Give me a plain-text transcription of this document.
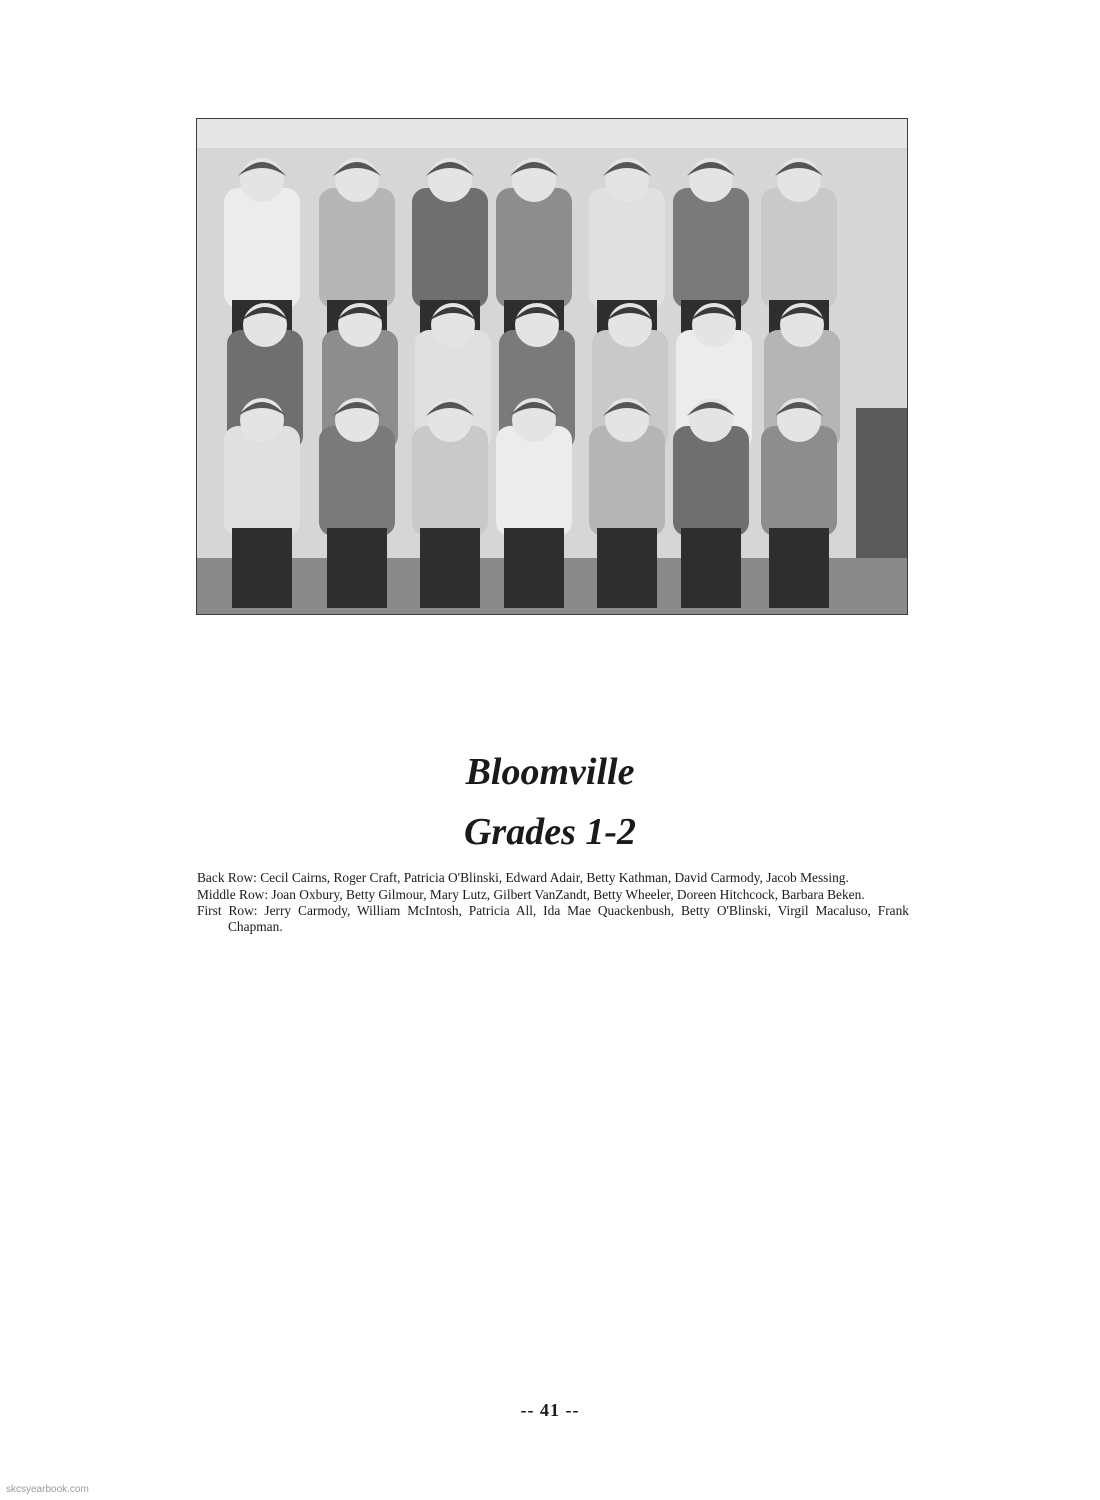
Bloomville
Grades 1-2

Back Row: Cecil Cairns, Roger Craft, Patricia O'Blinski, Edward Adair, Betty Kathman, David Carmody, Jacob Messing.

Middle Row: Joan Oxbury, Betty Gilmour, Mary Lutz, Gilbert VanZandt, Betty Wheeler, Doreen Hitchcock, Barbara Beken.

First Row: Jerry Carmody, William McIntosh, Patricia All, Ida Mae Quackenbush, Betty O'Blinski, Virgil Macaluso, Frank Chapman.

-- 41 --
skcsyearbook.com
